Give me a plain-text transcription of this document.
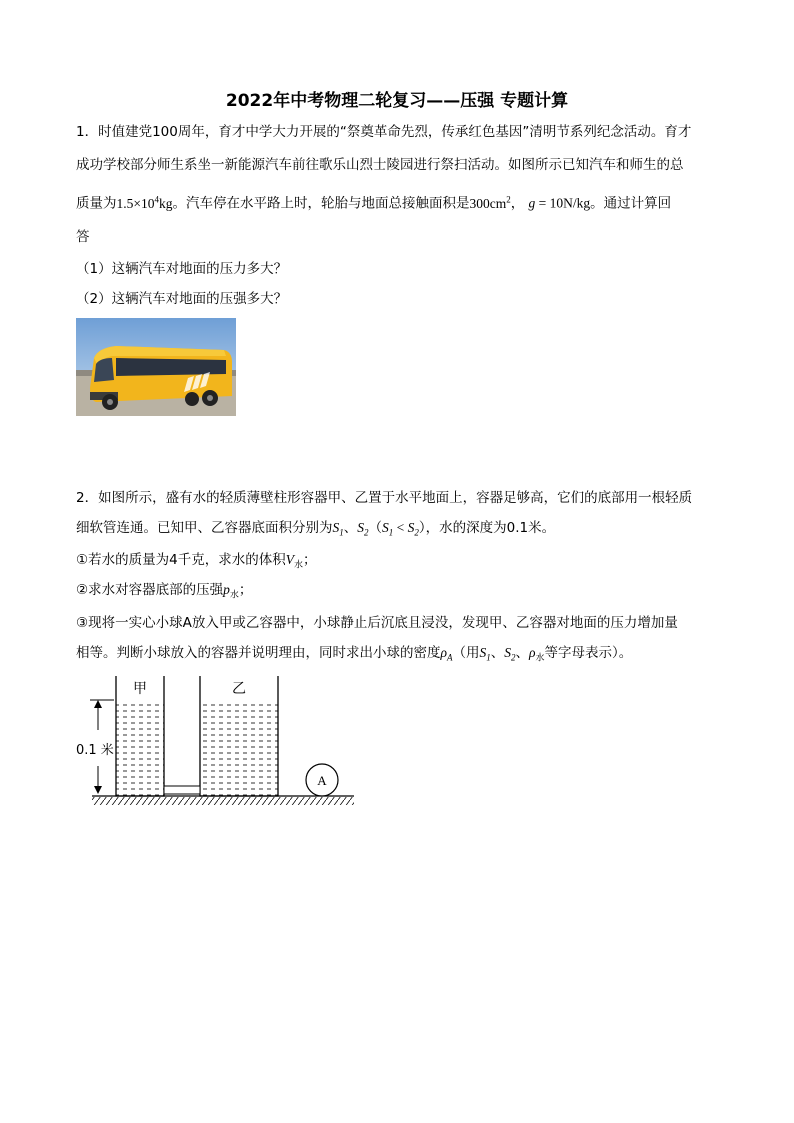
2022年中考物理二轮复习——压强 专题计算
1．时值建党100周年，育才中学大力开展的“祭奠革命先烈，传承红色基因”清明节系列纪念活动。育才
成功学校部分师生系坐一新能源汽车前往歌乐山烈士陵园进行祭扫活动。如图所示已知汽车和师生的总
质量为$1.5\times 10^4kg$。汽车停在水平路上时，轮胎与地面总接触面积是$300cm^2$， g = 10N/kg。通过计算回
答
（1）这辆汽车对地面的压力多大？
（2）这辆汽车对地面的压强多大？
2．如图所示，盛有水的轻质薄壁柱形容器甲、乙置于水平地面上，容器足够高，它们的底部用一根轻质
细软管连通。已知甲、乙容器底面积分别为$S_1$、$S_2(S_1 < S_2)$，水的深度为0.1米。
①若水的质量为4千克，求水的体积$V_水$；
②求水对容器底部的压强$p_水$；
③现将一实心小球A放入甲或乙容器中，小球静止后沉底且浸没，发现甲、乙容器对地面的压力增加量
相等。判断小球放入的容器并说明理由，同时求出小球的密度$\rho_A$（用$S_1$、$S_2$、$\rho_水$等字母表示）。
甲	乙
0.1 米
A
